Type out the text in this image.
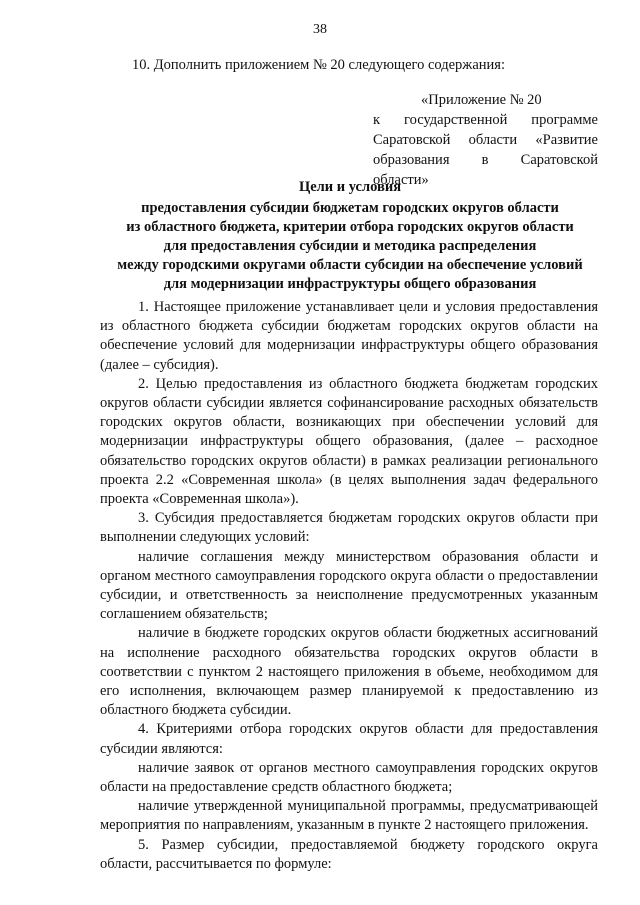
38
10. Дополнить приложением № 20 следующего содержания:
«Приложение № 20
к государственной программе Саратовской области «Развитие образования в Саратовской области»
Цели и условия
предоставления субсидии бюджетам городских округов области
из областного бюджета, критерии отбора городских округов области
для предоставления субсидии и методика распределения
между городскими округами области субсидии на обеспечение условий
для модернизации инфраструктуры общего образования

1. Настоящее приложение устанавливает цели и условия предоставления из областного бюджета субсидии бюджетам городских округов области на обеспечение условий для модернизации инфраструктуры общего образования (далее – субсидия).

2. Целью предоставления из областного бюджета бюджетам городских округов области субсидии является софинансирование расходных обязательств городских округов области, возникающих при обеспечении условий для модернизации инфраструктуры общего образования, (далее – расходное обязательство городских округов области) в рамках реализации регионального проекта 2.2 «Современная школа» (в целях выполнения задач федерального проекта «Современная школа»).

3. Субсидия предоставляется бюджетам городских округов области при выполнении следующих условий:

наличие соглашения между министерством образования области и органом местного самоуправления городского округа области о предоставлении субсидии, и ответственность за неисполнение предусмотренных указанным соглашением обязательств;

наличие в бюджете городских округов области бюджетных ассигнований на исполнение расходного обязательства городских округов области в соответствии с пунктом 2 настоящего приложения в объеме, необходимом для его исполнения, включающем размер планируемой к предоставлению из областного бюджета субсидии.

4. Критериями отбора городских округов области для предоставления субсидии являются:

наличие заявок от органов местного самоуправления городских округов области на предоставление средств областного бюджета;

наличие утвержденной муниципальной программы, предусматривающей мероприятия по направлениям, указанным в пункте 2 настоящего приложения.

5. Размер субсидии, предоставляемой бюджету городского округа области, рассчитывается по формуле:
